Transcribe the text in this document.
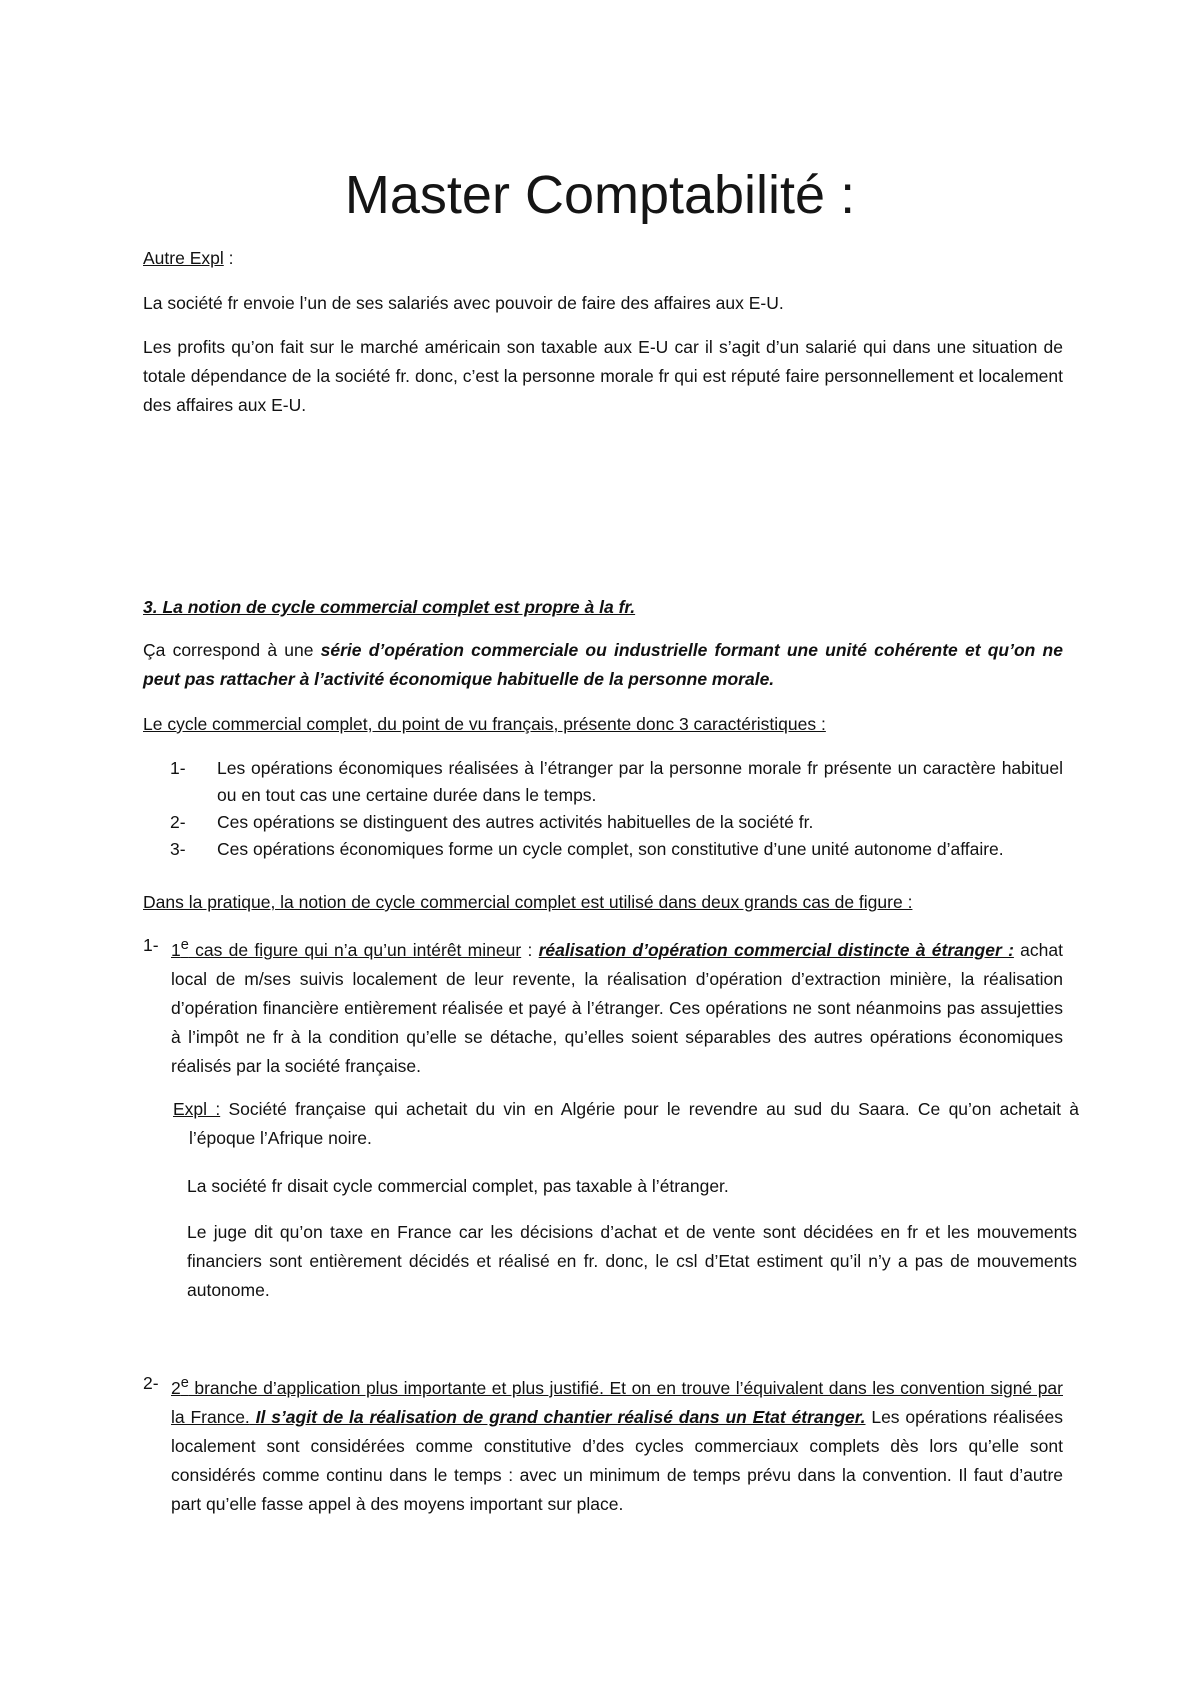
Master Comptabilité :

Autre Expl :

La société fr envoie l’un de ses salariés avec pouvoir de faire des affaires aux E-U.

Les profits qu’on fait sur le marché américain son taxable aux E-U car il s’agit d’un salarié qui dans une situation de totale dépendance de la société fr. donc, c’est la personne morale fr qui est réputé faire personnellement et localement des affaires aux E-U.

3. La notion de cycle commercial complet est propre à la fr.

Ça correspond à une série d’opération commerciale ou industrielle formant une unité cohérente et qu’on ne peut pas rattacher à l’activité économique habituelle de la personne morale.

Le cycle commercial complet, du point de vu français, présente donc 3 caractéristiques :

1- Les opérations économiques réalisées à l’étranger par la personne morale fr présente un caractère habituel ou en tout cas une certaine durée dans le temps.
2- Ces opérations se distinguent des autres activités habituelles de la société fr.
3- Ces opérations économiques forme un cycle complet, son constitutive d’une unité autonome d’affaire.

Dans la pratique, la notion de cycle commercial complet est utilisé dans deux grands cas de figure :

1- 1e cas de figure qui n’a qu’un intérêt mineur : réalisation d’opération commercial distincte à étranger : achat local de m/ses suivis localement de leur revente, la réalisation d’opération d’extraction minière, la réalisation d’opération financière entièrement réalisée et payé à l’étranger. Ces opérations ne sont néanmoins pas assujetties à l’impôt ne fr à la condition qu’elle se détache, qu’elles soient séparables des autres opérations économiques réalisés par la société française.

Expl : Société française qui achetait du vin en Algérie pour le revendre au sud du Saara. Ce qu’on achetait à l’époque l’Afrique noire.

La société fr disait cycle commercial complet, pas taxable à l’étranger.

Le juge dit qu’on taxe en France car les décisions d’achat et de vente sont décidées en fr et les mouvements financiers sont entièrement décidés et réalisé en fr. donc, le csl d’Etat estiment qu’il n’y a pas de mouvements autonome.

2- 2e branche d’application plus importante et plus justifié. Et on en trouve l’équivalent dans les convention signé par la France. Il s’agit de la réalisation de grand chantier réalisé dans un Etat étranger. Les opérations réalisées localement sont considérées comme constitutive d’des cycles commerciaux complets dès lors qu’elle sont considérés comme continu dans le temps : avec un minimum de temps prévu dans la convention. Il faut d’autre part qu’elle fasse appel à des moyens important sur place.
